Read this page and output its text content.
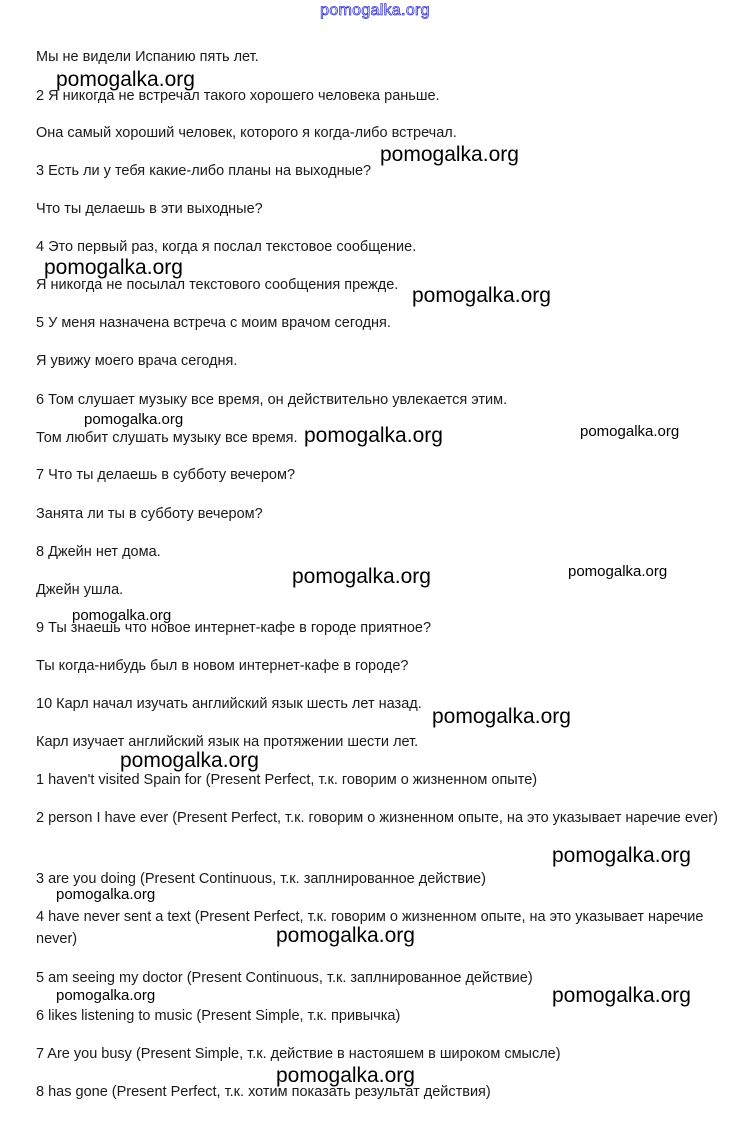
pomogalka.org
Мы не видели Испанию пять лет.
2 Я никогда не встречал такого хорошего человека раньше.
Она самый хороший человек, которого я когда-либо встречал.
3 Есть ли у тебя какие-либо планы на выходные?
Что ты делаешь в эти выходные?
4 Это первый раз, когда я послал текстовое сообщение.
Я никогда не посылал текстового сообщения прежде.
5 У меня назначена встреча с моим врачом сегодня.
Я увижу моего врача сегодня.
6 Том слушает музыку все время, он действительно увлекается этим.
Том любит слушать музыку все время.
7 Что ты делаешь в субботу вечером?
Занята ли ты в субботу вечером?
8 Джейн нет дома.
Джейн ушла.
9 Ты знаешь что новое интернет-кафе в городе приятное?
Ты когда-нибудь был в новом интернет-кафе в городе?
10 Карл начал изучать английский язык шесть лет назад.
Карл изучает английский язык на протяжении шести лет.
1 haven't visited Spain for (Present Perfect, т.к. говорим о жизненном опыте)
2 person I have ever (Present Perfect, т.к. говорим о жизненном опыте, на это указывает наречие ever)
3 are you doing (Present Continuous, т.к. заплнированное действие)
4 have never sent a text (Present Perfect, т.к. говорим о жизненном опыте, на это указывает наречие never)
5 am seeing my doctor (Present Continuous, т.к. заплнированное действие)
6 likes listening to music (Present Simple, т.к. привычка)
7 Are you busy (Present Simple, т.к. действие в настояшем в широком смысле)
8 has gone (Present Perfect, т.к. хотим показать результат действия)
pomogalka.org
pomogalka.org
pomogalka.org
pomogalka.org
pomogalka.org
pomogalka.org	pomogalka.org
pomogalka.org	pomogalka.org
pomogalka.org
pomogalka.org
pomogalka.org
pomogalka.org
pomogalka.org
pomogalka.org
pomogalka.org	pomogalka.org
pomogalka.org
